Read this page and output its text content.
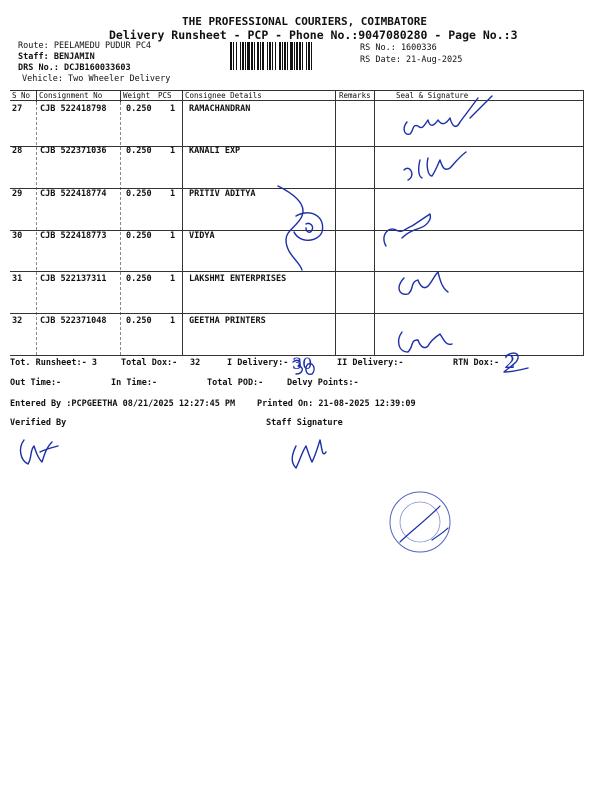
THE PROFESSIONAL COURIERS, COIMBATORE
Delivery Runsheet - PCP - Phone No.:9047080280 - Page No.:3
Route: PEELAMEDU PUDUR PC4
Staff: BENJAMIN
DRS No.: DCJB160033603
Vehicle: Two Wheeler Delivery
RS No.: 1600336
RS Date: 21-Aug-2025
S No Consignment No	Weight PCS Consignee Details	Remarks	Seal & Signature
27 CJB 522418798 0.250 1 RAMACHANDRAN
28 CJB 522371036 0.250 1 KANALI EXP
29 CJB 522418774 0.250 1 PRITIV ADITYA
30 CJB 522418773 0.250 1 VIDYA
31 CJB 522137311 0.250 1 LAKSHMI ENTERPRISES
32 CJB 522371048 0.250 1 GEETHA PRINTERS
Tot. Runsheet:- 3	Total Dox:- 32	I Delivery:- 30	II Delivery:-	RTN Dox:- 2
Out Time:-	In Time:-	Total POD:-	Delvy Points:-
Entered By :PCPGEETHA 08/21/2025 12:27:45 PM	Printed On: 21-08-2025 12:39:09
Verified By	Staff Signature
